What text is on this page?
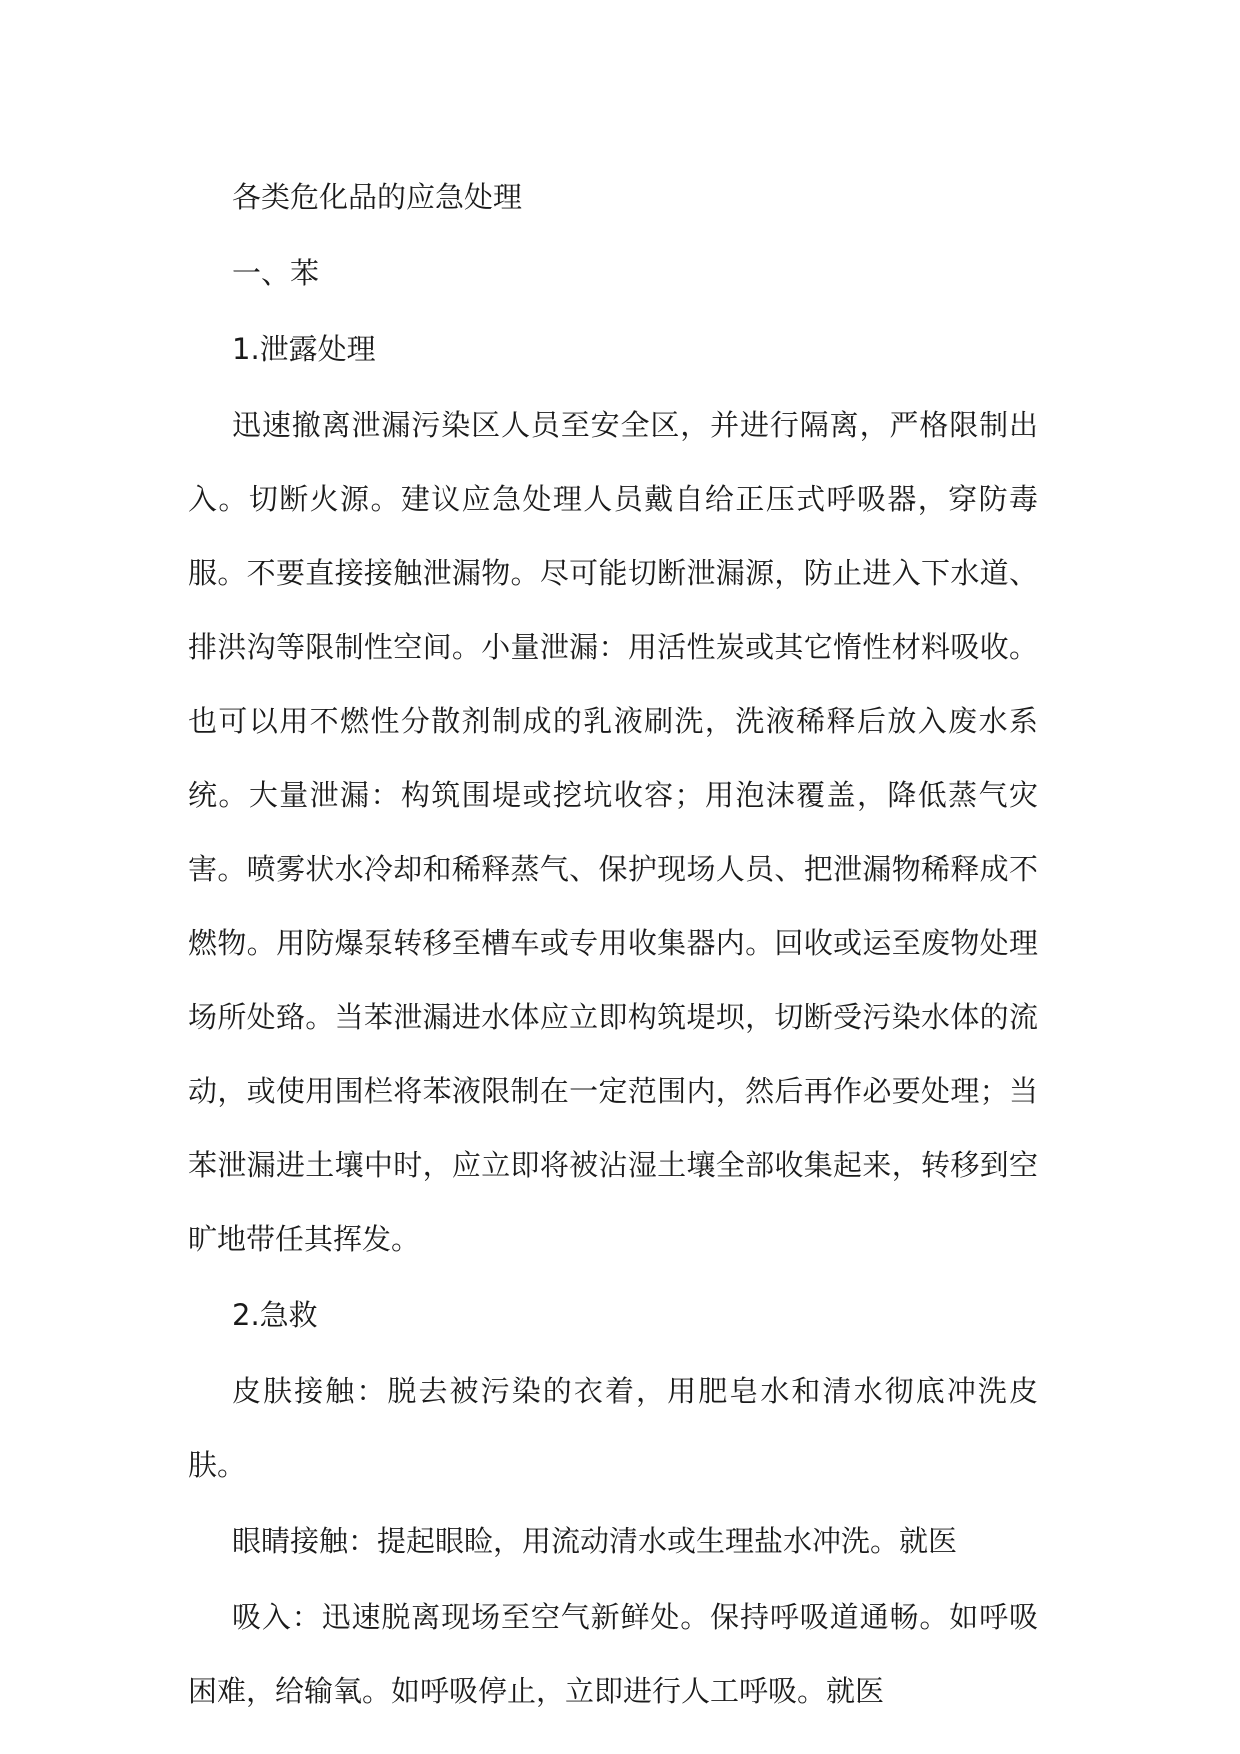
各类危化品的应急处理

一、苯

1.泄露处理

迅速撤离泄漏污染区人员至安全区，并进行隔离，严格限制出入。切断火源。建议应急处理人员戴自给正压式呼吸器，穿防毒服。不要直接接触泄漏物。尽可能切断泄漏源，防止进入下水道、排洪沟等限制性空间。小量泄漏：用活性炭或其它惰性材料吸收。也可以用不燃性分散剂制成的乳液刷洗，洗液稀释后放入废水系统。大量泄漏：构筑围堤或挖坑收容；用泡沫覆盖，降低蒸气灾害。喷雾状水冷却和稀释蒸气、保护现场人员、把泄漏物稀释成不燃物。用防爆泵转移至槽车或专用收集器内。回收或运至废物处理场所处臵。当苯泄漏进水体应立即构筑堤坝，切断受污染水体的流动，或使用围栏将苯液限制在一定范围内，然后再作必要处理；当苯泄漏进土壤中时，应立即将被沾湿土壤全部收集起来，转移到空旷地带任其挥发。

2.急救

皮肤接触：脱去被污染的衣着，用肥皂水和清水彻底冲洗皮肤。

眼睛接触：提起眼睑，用流动清水或生理盐水冲洗。就医

吸入：迅速脱离现场至空气新鲜处。保持呼吸道通畅。如呼吸困难，给输氧。如呼吸停止，立即进行人工呼吸。就医
